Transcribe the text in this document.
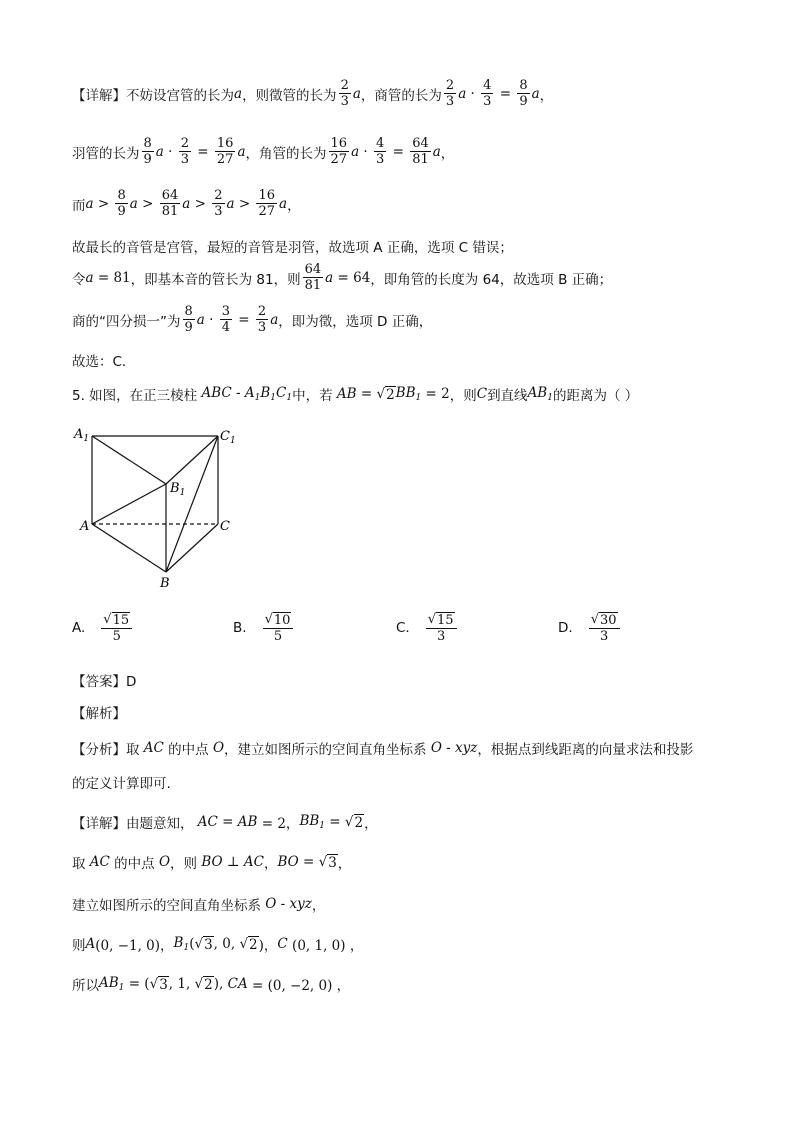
【详解】不妨设宫管的长为 a ，则徵管的长为 $\frac{2}{3}$ a ，商管的长为 $\frac{2}{3}$ $a \cdot \frac{4}{3} = \frac{8}{9}$ a ，
羽管的长为 $\frac{8}{9}$ $a \cdot \frac{2}{3} = \frac{16}{27}$ a ，角管的长为 $\frac{16}{27}$ $a \cdot \frac{4}{3} = \frac{64}{81}$ a ，
而 $a > \frac{8}{9}$ $a > \frac{64}{81}$ $a > \frac{2}{3}$ $a > \frac{16}{27}$ a ，
故最长的音管是宫管，最短的音管是羽管，故选项 A 正确，选项 C 错误；
令 a = 81 ，即基本音的管长为 81，则 $\frac{64}{81}$ a = 64 ，即角管的长度为 64，故选项 B 正确；
商的“四分损一”为 $\frac{8}{9}$ $a \cdot \frac{3}{4} = \frac{2}{3}$ a ，即为徵，选项 D 正确，
故选：C．
5. 如图，在正三棱柱 ABC - $A_1B_1C_1$ 中，若 AB = √ 2 $BB_1 = 2$ ，则 C 到直线 $AB_1$ 的距离为（ ）
$A_1$	$C_1$
$B_1$
A	C
B
A. $\frac{√ 15}{5}$	B. $\frac{√ 10}{5}$	C. $\frac{√ 15}{3}$	D. $\frac{√ 30}{3}$
【答案】D
【解析】
【分析】取 AC 的中点 O ，建立如图所示的空间直角坐标系 O - xyz ，根据点到线距离的向量求法和投影
的定义计算即可.
【详解】由题意知， AC = AB = 2， $BB_1$ = √ 2 ，
取 AC 的中点 O ，则 BO ⊥ AC ， BO = √ 3 ，
建立如图所示的空间直角坐标系 O - xyz ，
则 A (0, −1, 0)， $B_1$ ( √ 3 , 0, √ 2 )， C (0, 1, 0) ，
所以 $AB_1$ = ( √ 3 , 1, √ 2 ), CA = (0, −2, 0) ，
